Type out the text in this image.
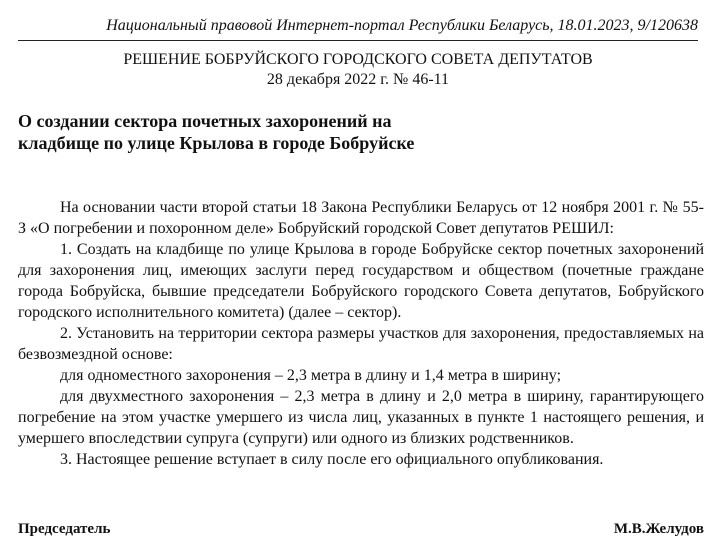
Национальный правовой Интернет-портал Республики Беларусь, 18.01.2023, 9/120638
РЕШЕНИЕ БОБРУЙСКОГО ГОРОДСКОГО СОВЕТА ДЕПУТАТОВ
28 декабря 2022 г. № 46-11
О создании сектора почетных захоронений на кладбище по улице Крылова в городе Бобруйске

На основании части второй статьи 18 Закона Республики Беларусь от 12 ноября 2001 г. № 55-З «О погребении и похоронном деле» Бобруйский городской Совет депутатов РЕШИЛ:

1. Создать на кладбище по улице Крылова в городе Бобруйске сектор почетных захоронений для захоронения лиц, имеющих заслуги перед государством и обществом (почетные граждане города Бобруйска, бывшие председатели Бобруйского городского Совета депутатов, Бобруйского городского исполнительного комитета) (далее – сектор).

2. Установить на территории сектора размеры участков для захоронения, предоставляемых на безвозмездной основе:

для одноместного захоронения – 2,3 метра в длину и 1,4 метра в ширину;

для двухместного захоронения – 2,3 метра в длину и 2,0 метра в ширину, гарантирующего погребение на этом участке умершего из числа лиц, указанных в пункте 1 настоящего решения, и умершего впоследствии супруга (супруги) или одного из близких родственников.

3. Настоящее решение вступает в силу после его официального опубликования.

Председатель	М.В.Желудов
